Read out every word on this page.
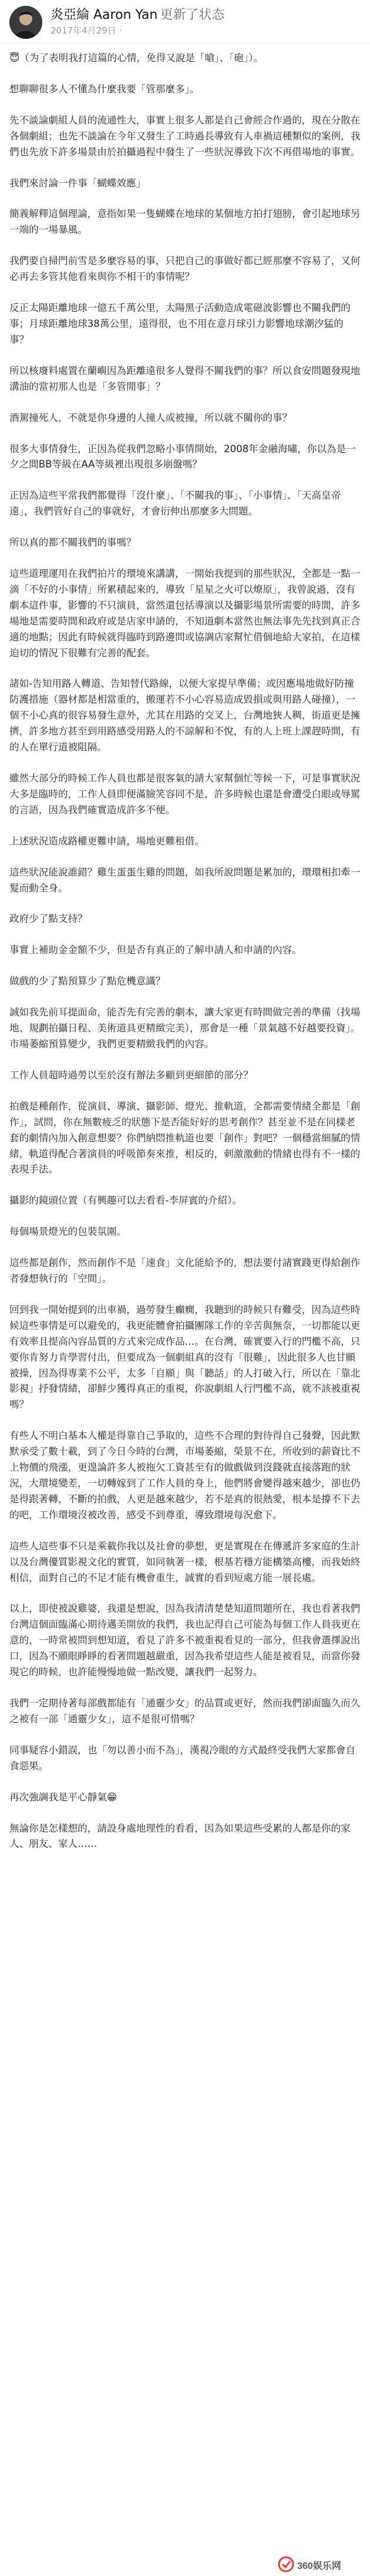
炎亞綸 Aaron Yan 更新了状态
2017年4月29日 ·

😇（为了表明我打這篇的心情，免得又說是「嗆」、「砲」）。

想聊聊很多人不懂為什麼我要「管那麼多」。

先不談論劇組人員的流通性大，事實上很多人都是自己會經合作過的，現在分散在各個劇組；也先不談論在今年又發生了工時過長導致有人車禍這種類似的案例，我們也先放下許多場景由於拍攝過程中發生了一些狀況導致下次不再借場地的事實。

我們來討論一件事「蝴蝶效應」

簡義解釋這個理論，意指如果一隻蝴蝶在地球的某個地方拍打翅膀，會引起地球另一端的一場暴風。

我們要自掃門前雪是多麼容易的事，只把自己的事做好都已經那麼不容易了，又何必再去多管其他看來與你不相干的事情呢？

反正太陽距離地球一億五千萬公里，太陽黑子活動造成電磁波影響也不關我們的事；月球距離地球38萬公里，遠得很，也不用在意月球引力影響地球潮汐猛的事？

所以核廢料處置在蘭嶼因為距離遠很多人覺得不關我們的事？所以食安問題發現地溝油的當初那人也是「多管閒事」？

酒駕撞死人，不就是你身邊的人撞人或被撞，所以就不關你的事？

很多大事情發生，正因為從我們忽略小事情開始，2008年金融海嘯，你以為是一夕之間BB等級在AA等級裡出現很多崩盤嗎？

正因為這些平常我們都覺得「沒什麼」、「不關我的事」、「小事情」、「天高皇帝遠」，我們管好自己的事就好，才會衍伸出那麼多大問題。

所以真的都不關我們的事嗎？

這些道理運用在我們拍片的環境來講講，一開始我提到的那些狀況，全都是一點一滴「不好的小事情」所累積起來的，導致「星星之火可以燎原」，我曾說過，沒有劇本這件事，影響的不只演員，當然還包括導演以及攝影場景所需要的時間，許多場地是需要時間和政府或是店家申請的，不知道劇本當然也無法事先先找到真正合適的地點；因此有時候就得臨時到路邊問或協調店家幫忙借個地給大家拍，在這樣迫切的情況下很難有完善的配套。

諸如-告知用路人轉道、告知替代路線，以便大家提早準備；或因應場地做好防撞防護措施（器材都是相當重的，搬運若不小心容易造成毀損或與用路人碰撞），一個不小心真的很容易發生意外，尤其在用路的交叉上，台灣地狹人稠，街道更是擁擠，許多地方甚至到用路感受用路人的不諒解和不悅，有的人上班上課趕時間，有的人在單行道被阻隔。

雖然大部分的時候工作人員也都是很客氣的請大家幫個忙等候一下，可是事實狀況大多是臨時的，工作人員即便滿臉笑容同不是，許多時候也還是會遭受白眼或辱罵的言語，因為我們確實造成許多不便。

上述狀況造成路權更難申請，場地更難租借。

這些狀況能說誰錯？雞生蛋蛋生雞的問題，如我所說問題是累加的，環環相扣牽一髮而動全身。

政府少了點支持？

事實上補助金金額不少，但是否有真正的了解申請人和申請的內容。

做戲的少了點預算少了點危機意識？

誠如我先前耳提面命，能否先有完善的劇本，讓大家更有時間做完善的準備（找場地、規劃拍攝日程、美術道具更精緻完美），那會是一種「景氣越不好越要投資」。市場萎縮預算變少，我們更要精緻我們的內容。

工作人員超時過勞以至於沒有辦法多顧到更細節的部分？

拍戲是種創作，從演員、導演、攝影師、燈光、推軌道，全都需要情緒全都是「創作」，試問，你在無數疲乏的狀態下是否能好好的思考創作？甚至並不是在同樣老套的劇情內加入創意想要？你們納悶推軌道也要「創作」對吧？一個穩當細膩的情緒，軌道得配合著演員的呼吸節奏來推，相反的，刺激激動的情緒也得有不一樣的表現手法。

攝影的鏡頭位置（有興趣可以去看看-李屏賓的介紹）。

每個場景燈光的包裝氛圍。

這些都是創作，然而創作不是「速食」文化能給予的，想法要付諸實踐更得給創作者發想執行的「空間」。

回到我一開始提到的出車禍，過勞發生癲癇，我聽到的時候只有難受，因為這些時候這些事情是可以避免的，我更能體會拍攝團隊工作的辛苦與無奈，一切都能以更有效率且提高內容品質的方式來完成作品…。在台灣，確實要入行的門檻不高，只要你肯努力肯學習付出，但要成為一個劇組真的沒有「很難」，因此很多人也甘願被操，因為得專業不公平，太多「自願」與「聽話」的人打破入行，所以在「靠北影視」抒發情緒，卻鮮少獲得真正的重視，你說劇組人行門檻不高，就不該被重視嗎？

有些人不明白基本人權是得靠自己爭取的，這些不合理的對待得自己發聲，因此默默承受了數十載，到了今日今時的台灣，市場萎縮，榮景不在，所收到的薪資比不上物價的飛漲，更遑論許多人被拖欠工資甚至有的做戲做到沒錢就直接落跑的狀況，大環境變差，一切轉嫁到了工作人員的身上，他們將會變得越來越少，卻也仍是得跟著轉，不斷的拍戲，人更是越來越少，若不是真的很熱愛，根本是撐不下去的吧，工作環境沒被改善，感受不到尊重，導致環境每況愈下。

這些人這些事不只是乘載你我以及社會的夢想，更是實現在在傳遞許多家庭的生計以及台灣優質影視文化的實質，如同執著一樣，根基若穩方能構築高樓，而我始終相信，面對自己的不足才能有機會重生，誠實的看到短處方能一展長處。

以上，即使被說雞婆，我還是想說，因為我清清楚楚知道問題所在，我也看著我們台灣這個面臨滿心期待邁美開放的我們，我也記得自己可能為每個工作人員我更在意的，一時常被問到想知道，看見了許多不被重視看見的一部分，但我會選擇說出口，因為不願眼睜睜的看著問題越嚴重，因為我希望這些人能是被看見，而當你發現它的時候，也許能慢慢地做一點改變，讓我們一起努力。

我們一定期待著每部戲都能有「通靈少女」的品質或更好，然而我們卻面臨久而久之被有一部「通靈少女」，這不是很可惜嗎？

同事疑容小錯誤，也「勿以善小而不為」，漢視冷眼的方式最終受我們大家都會自食惡果。

再次強調我是平心靜氣😁

無論你是怎樣想的，請設身處地理性的看看，因為如果這些受累的人都是你的家人、朋友、家人……

360娱乐网
